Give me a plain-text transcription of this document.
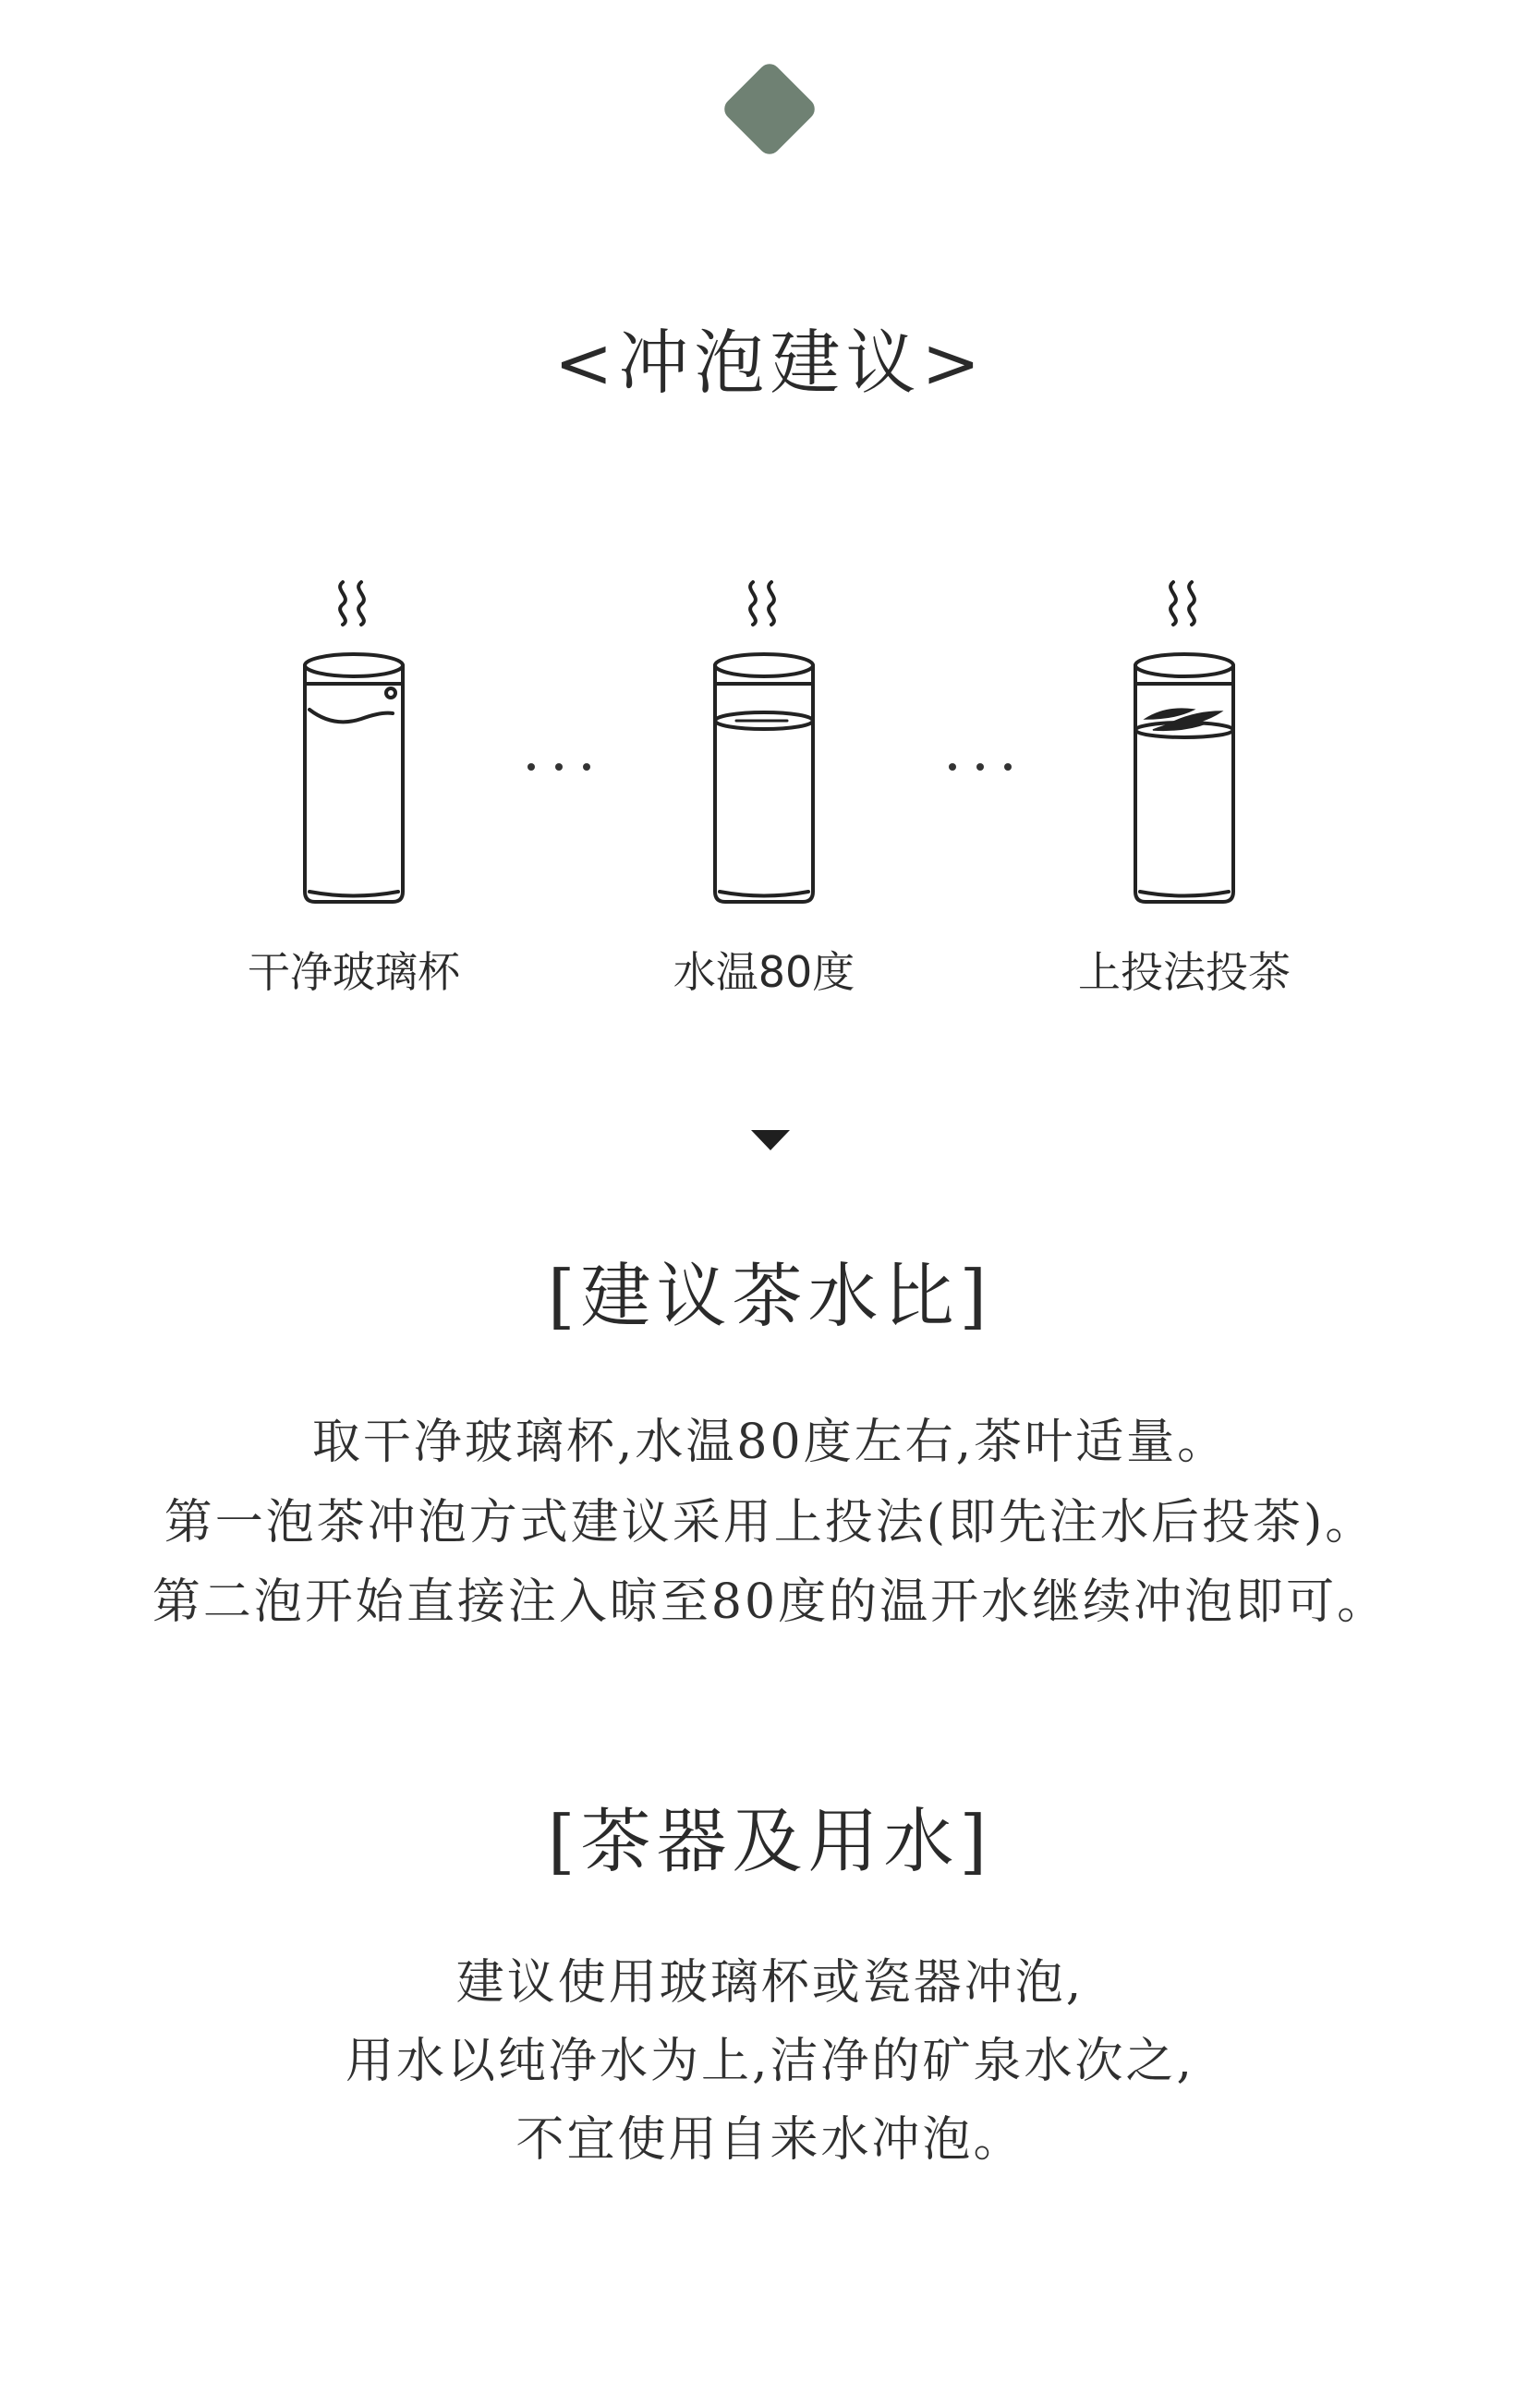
<冲泡建议>
干净玻璃杯	水温80度	上投法投茶
[建议茶水比]
取干净玻璃杯,水温80度左右,茶叶适量。
第一泡茶冲泡方式建议采用上投法(即先注水后投茶)。
第二泡开始直接注入晾至80度的温开水继续冲泡即可。
[茶器及用水]
建议使用玻璃杯或瓷器冲泡,
用水以纯净水为上,洁净的矿泉水次之,
不宜使用自来水冲泡。
